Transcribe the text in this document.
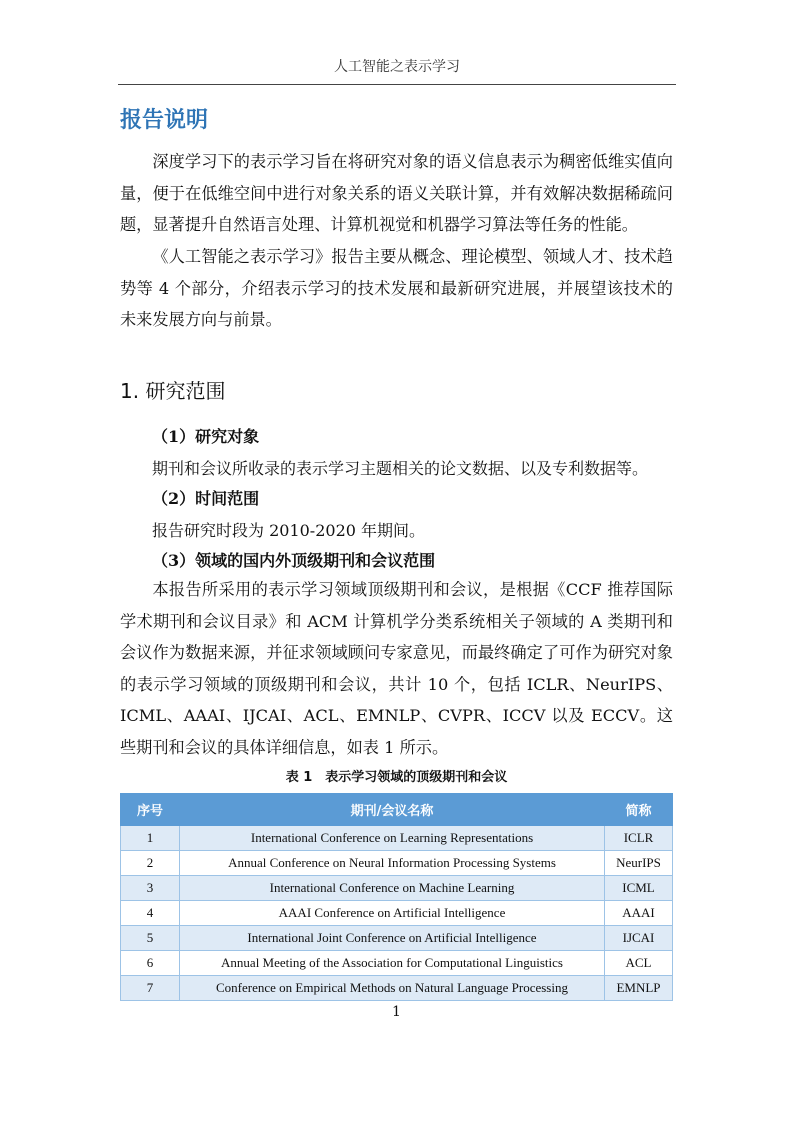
人工智能之表示学习
报告说明

深度学习下的表示学习旨在将研究对象的语义信息表示为稠密低维实值向量，便于在低维空间中进行对象关系的语义关联计算，并有效解决数据稀疏问题，显著提升自然语言处理、计算机视觉和机器学习算法等任务的性能。

《人工智能之表示学习》报告主要从概念、理论模型、领域人才、技术趋势等 4 个部分，介绍表示学习的技术发展和最新研究进展，并展望该技术的未来发展方向与前景。

1. 研究范围
（1）研究对象
期刊和会议所收录的表示学习主题相关的论文数据、以及专利数据等。
（2）时间范围
报告研究时段为 2010-2020 年期间。
（3）领域的国内外顶级期刊和会议范围

本报告所采用的表示学习领域顶级期刊和会议，是根据《CCF 推荐国际学术期刊和会议目录》和 ACM 计算机学分类系统相关子领域的 A 类期刊和会议作为数据来源，并征求领域顾问专家意见，而最终确定了可作为研究对象的表示学习领域的顶级期刊和会议，共计 10 个，包括 ICLR、NeurIPS、ICML、AAAI、IJCAI、ACL、EMNLP、CVPR、ICCV 以及 ECCV。这些期刊和会议的具体详细信息，如表 1 所示。

表 1　表示学习领域的顶级期刊和会议
序号	期刊/会议名称	简称
1	International Conference on Learning Representations	ICLR
2	Annual Conference on Neural Information Processing Systems	NeurIPS
3	International Conference on Machine Learning	ICML
4	AAAI Conference on Artificial Intelligence	AAAI
5	International Joint Conference on Artificial Intelligence	IJCAI
6	Annual Meeting of the Association for Computational Linguistics	ACL
7	Conference on Empirical Methods on Natural Language Processing	EMNLP
1
